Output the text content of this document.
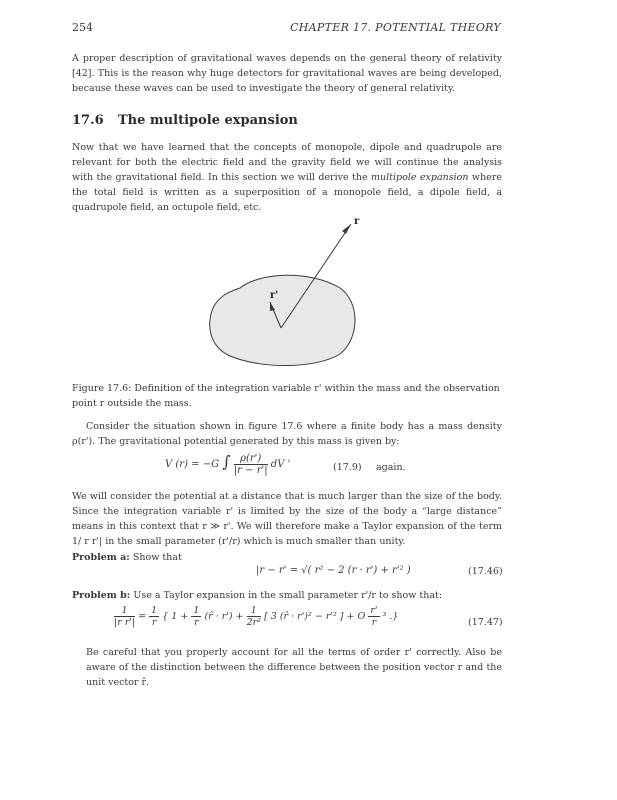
254	CHAPTER 17. POTENTIAL THEORY
A proper description of gravitational waves depends on the general theory of relativity [42]. This is the reason why huge detectors for gravitational waves are being developed, because these waves can be used to investigate the theory of general relativity.
17.6 The multipole expansion
Now that we have learned that the concepts of monopole, dipole and quadrupole are relevant for both the electric field and the gravity field we will continue the analysis with the gravitational field. In this section we will derive the multipole expansion where the total field is written as a superposition of a monopole field, a dipole field, a quadrupole field, an octupole field, etc.
r
r'
Figure 17.6: Definition of the integration variable r' within the mass and the observation point r outside the mass.
Consider the situation shown in figure 17.6 where a finite body has a mass density ρ(r'). The gravitational potential generated by this mass is given by:
V (r) = −G ∫ $\frac{\rho(r')}{|r - r'|}$ dV '	(17.9) again.
We will consider the potential at a distance that is much larger than the size of the body. Since the integration variable r' is limited by the size of the body a “large distance” means in this context that r ≫ r'. We will therefore make a Taylor expansion of the term 1/ r r'| in the small parameter (r'/r) which is much smaller than unity.
Problem a: Show that
|r − r' = √( r² − 2 (r · r') + r'² )	(17.46)
Problem b: Use a Taylor expansion in the small parameter r'/r to show that:
$\frac{1}{\text{|r r'|}} = \frac{1}{r}$ { $1 + \frac{1}{r}$ (r̂ · $r') + \frac{1}{\text{2r²}}$ [ 3 (r̂ · r')² − r'² ] + O $\frac{r'}{r} ^3$ .}
(17.47)
Be careful that you properly account for all the terms of order r' correctly. Also be aware of the distinction between the difference between the position vector r and the unit vector r̂.
